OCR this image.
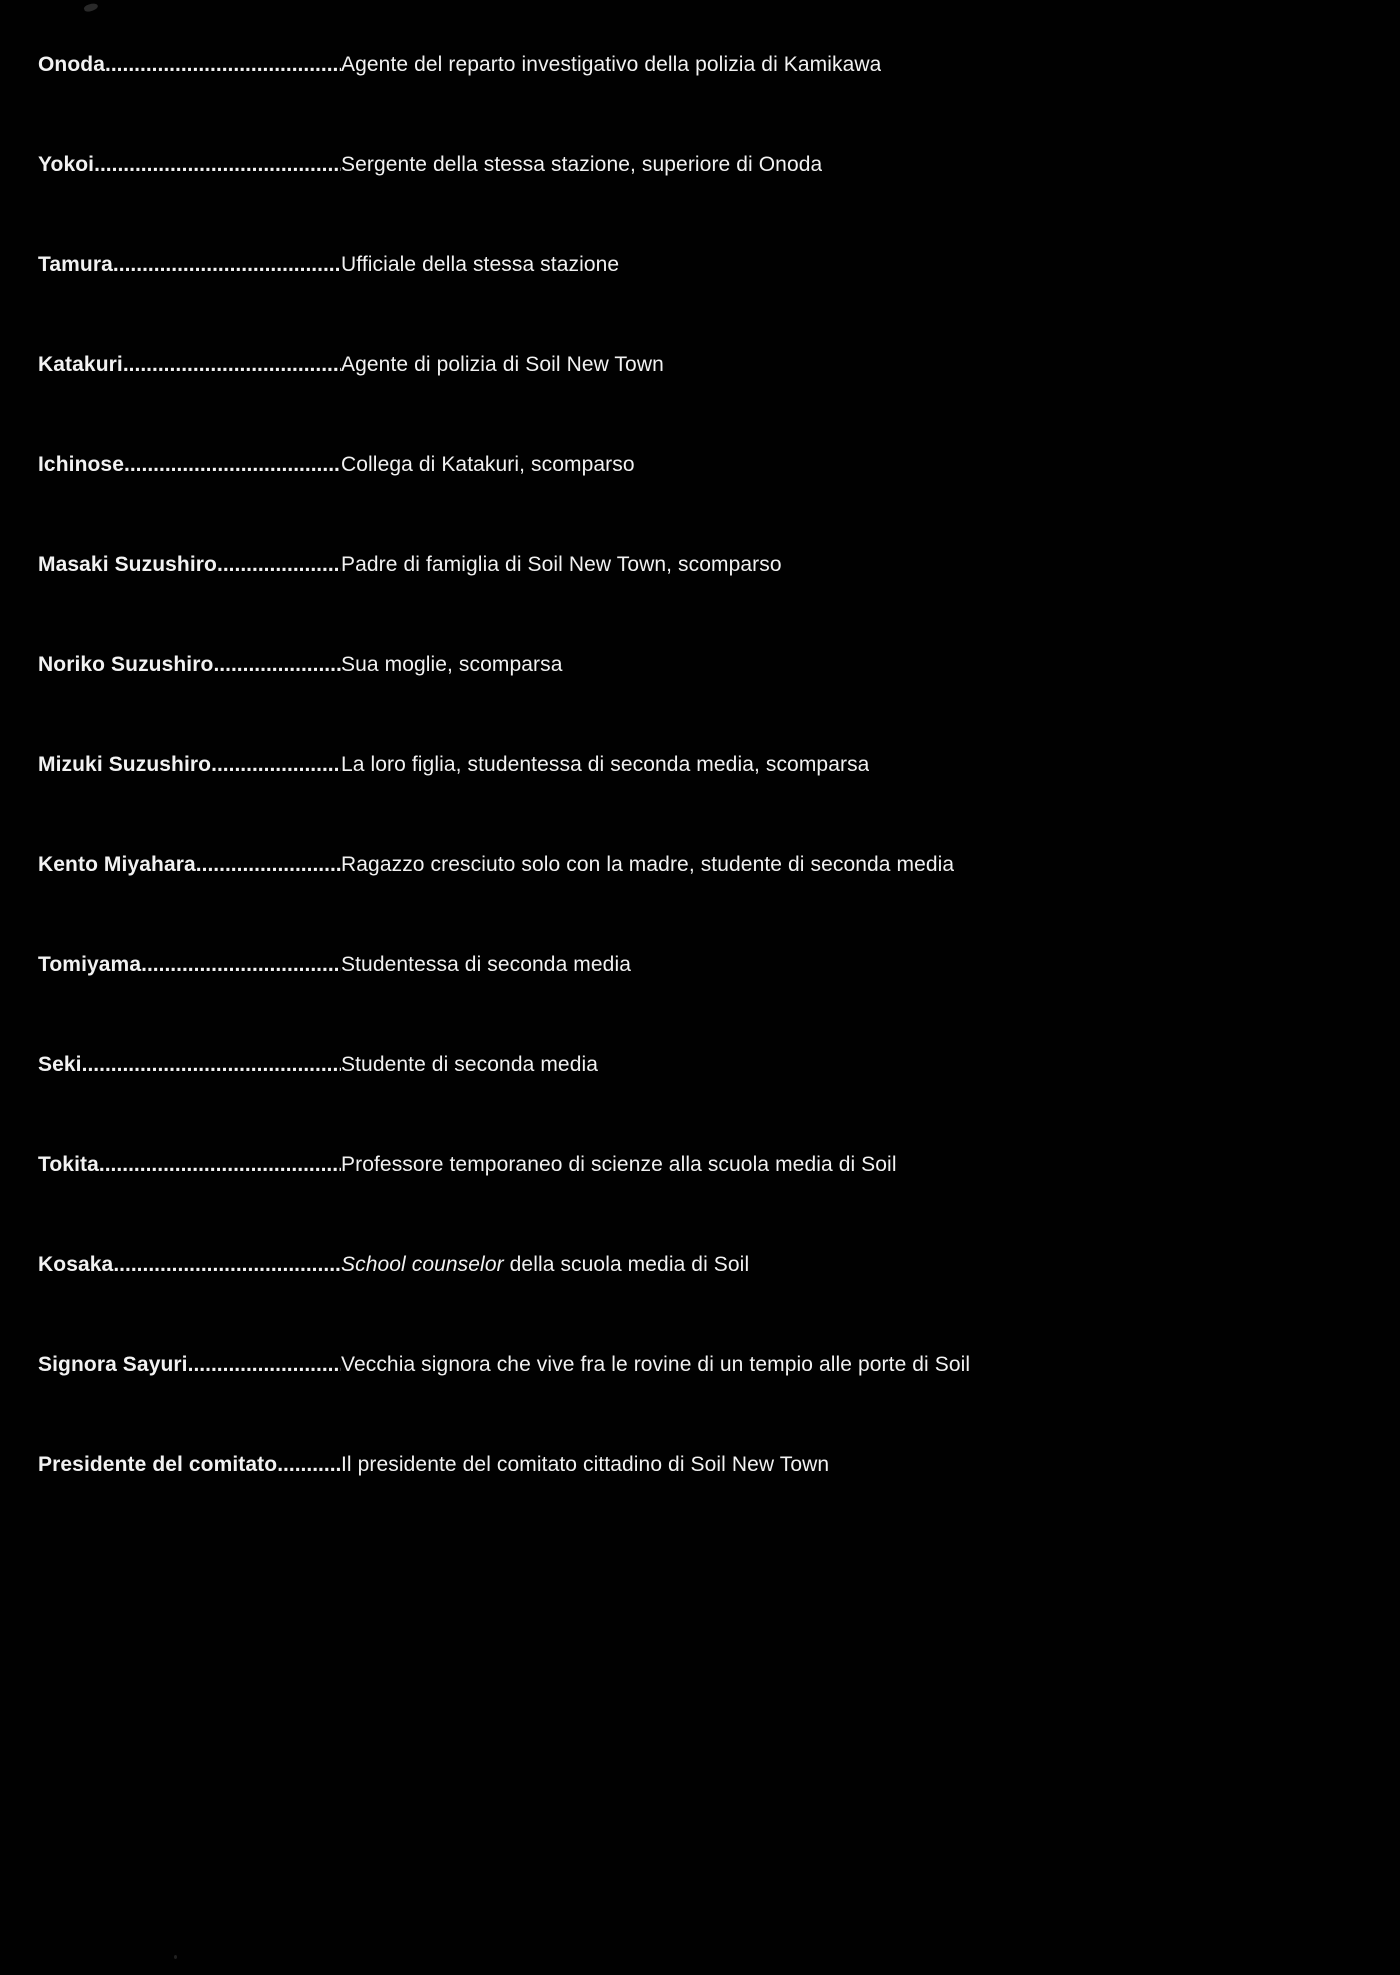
Onoda .....	Agente del reparto investigativo della polizia di Kamikawa
Yokoi .....	Sergente della stessa stazione, superiore di Onoda
Tamura .....	Ufficiale della stessa stazione
Katakuri .....	Agente di polizia di Soil New Town
Ichinose .....	Collega di Katakuri, scomparso
Masaki Suzushiro .....	Padre di famiglia di Soil New Town, scomparso
Noriko Suzushiro .....	Sua moglie, scomparsa
Mizuki Suzushiro .....	La loro figlia, studentessa di seconda media, scomparsa
Kento Miyahara .....	Ragazzo cresciuto solo con la madre, studente di seconda media
Tomiyama .....	Studentessa di seconda media
Seki .....	Studente di seconda media
Tokita .....	Professore temporaneo di scienze alla scuola media di Soil
Kosaka .....	School counselor della scuola media di Soil
Signora Sayuri .....	Vecchia signora che vive fra le rovine di un tempio alle porte di Soil
Presidente del comitato .....	Il presidente del comitato cittadino di Soil New Town
